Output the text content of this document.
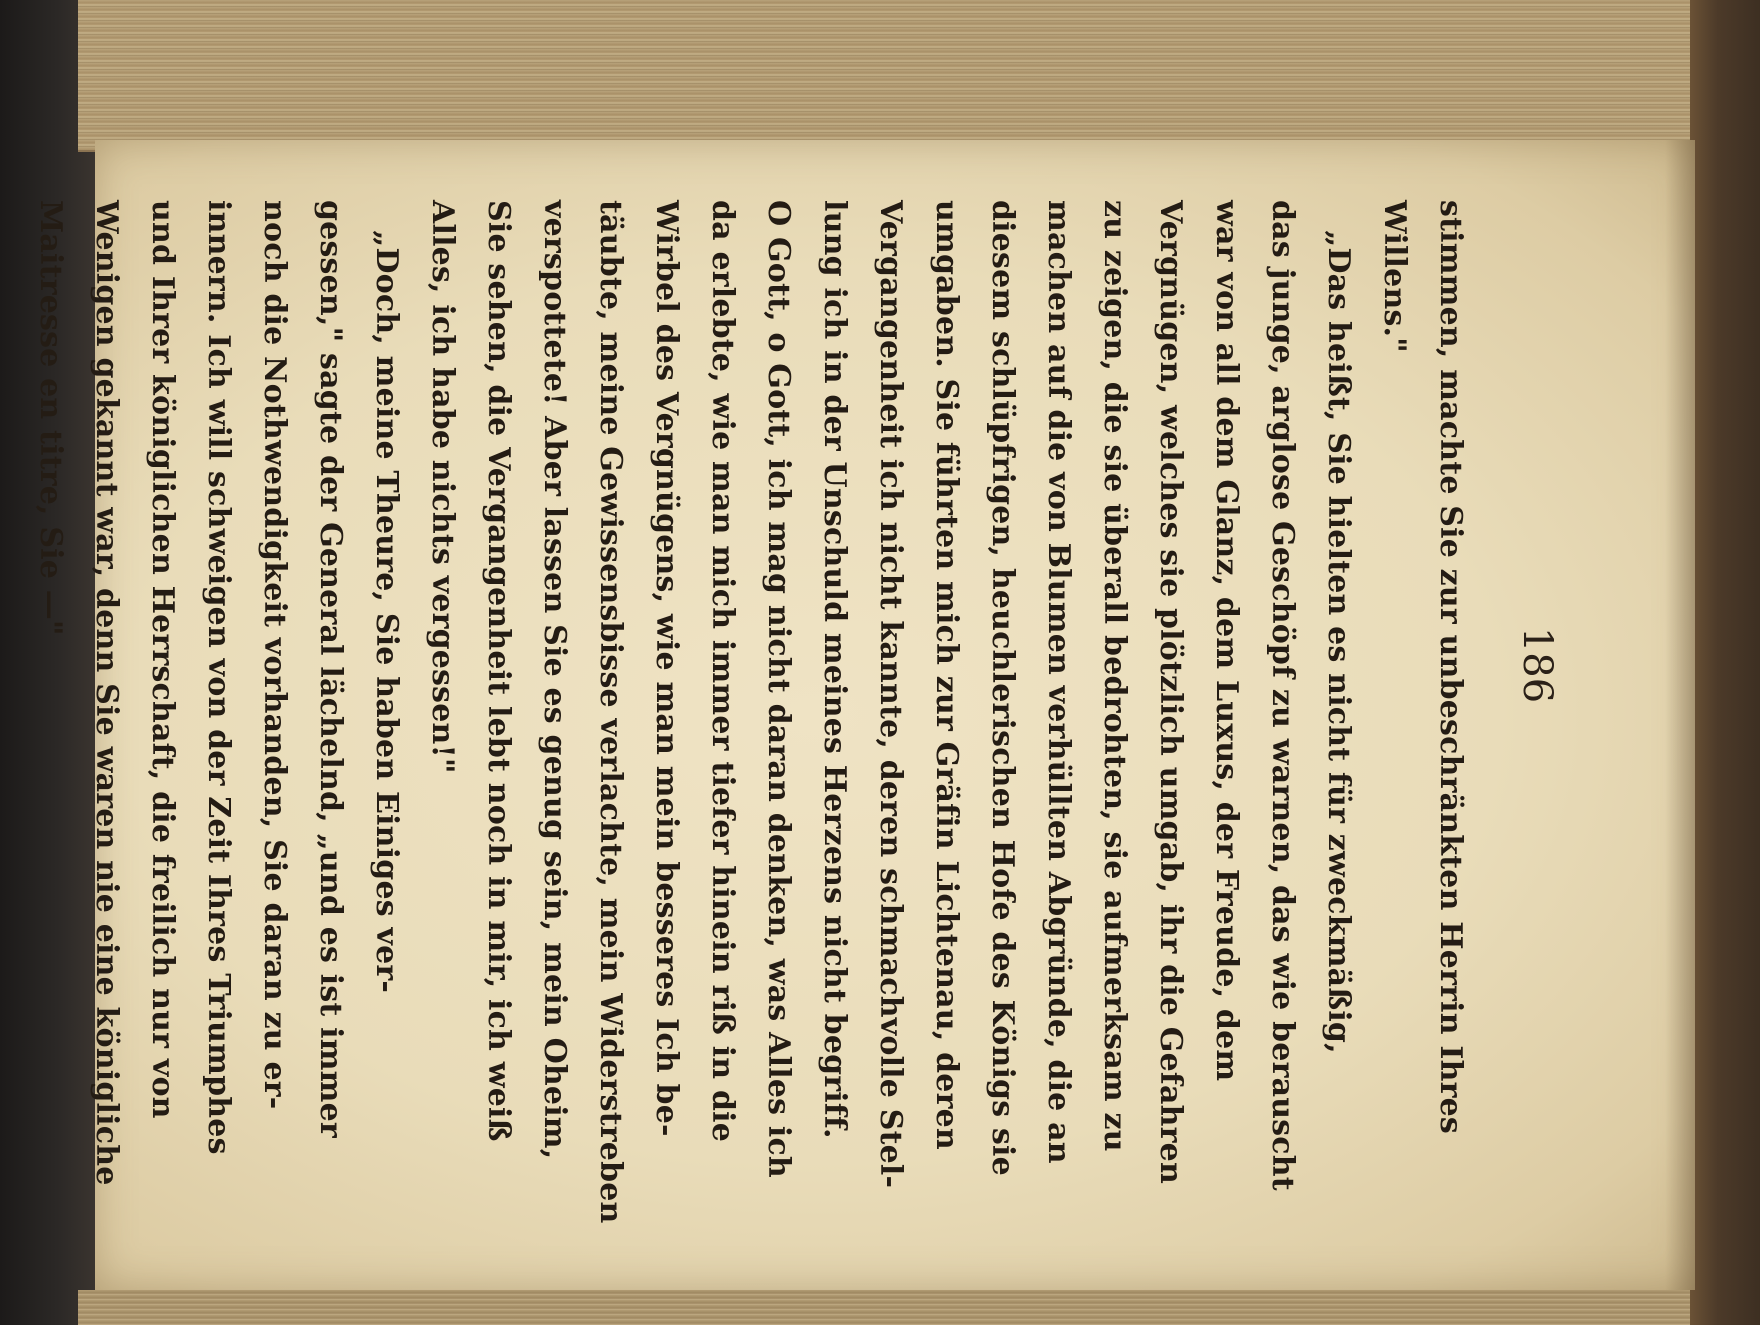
186
stimmen, machte Sie zur unbeschränkten Herrin Ihres
Willens."
„Das heißt, Sie hielten es nicht für zweckmäßig,
das junge, arglose Geschöpf zu warnen, das wie berauscht
war von all dem Glanz, dem Luxus, der Freude, dem
Vergnügen, welches sie plötzlich umgab, ihr die Gefahren
zu zeigen, die sie überall bedrohten, sie aufmerksam zu
machen auf die von Blumen verhüllten Abgründe, die an
diesem schlüpfrigen, heuchlerischen Hofe des Königs sie
umgaben. Sie führten mich zur Gräfin Lichtenau, deren
Vergangenheit ich nicht kannte, deren schmachvolle Stel-
lung ich in der Unschuld meines Herzens nicht begriff.
O Gott, o Gott, ich mag nicht daran denken, was Alles ich
da erlebte, wie man mich immer tiefer hinein riß in die
Wirbel des Vergnügens, wie man mein besseres Ich be-
täubte, meine Gewissensbisse verlachte, mein Widerstreben
verspottete! Aber lassen Sie es genug sein, mein Oheim,
Sie sehen, die Vergangenheit lebt noch in mir, ich weiß
Alles, ich habe nichts vergessen!"
„Doch, meine Theure, Sie haben Einiges ver-
gessen," sagte der General lächelnd, „und es ist immer
noch die Nothwendigkeit vorhanden, Sie daran zu er-
innern. Ich will schweigen von der Zeit Ihres Triumphes
und Ihrer königlichen Herrschaft, die freilich nur von
Wenigen gekannt war, denn Sie waren nie eine königliche
Maitresse en titre, Sie —"
